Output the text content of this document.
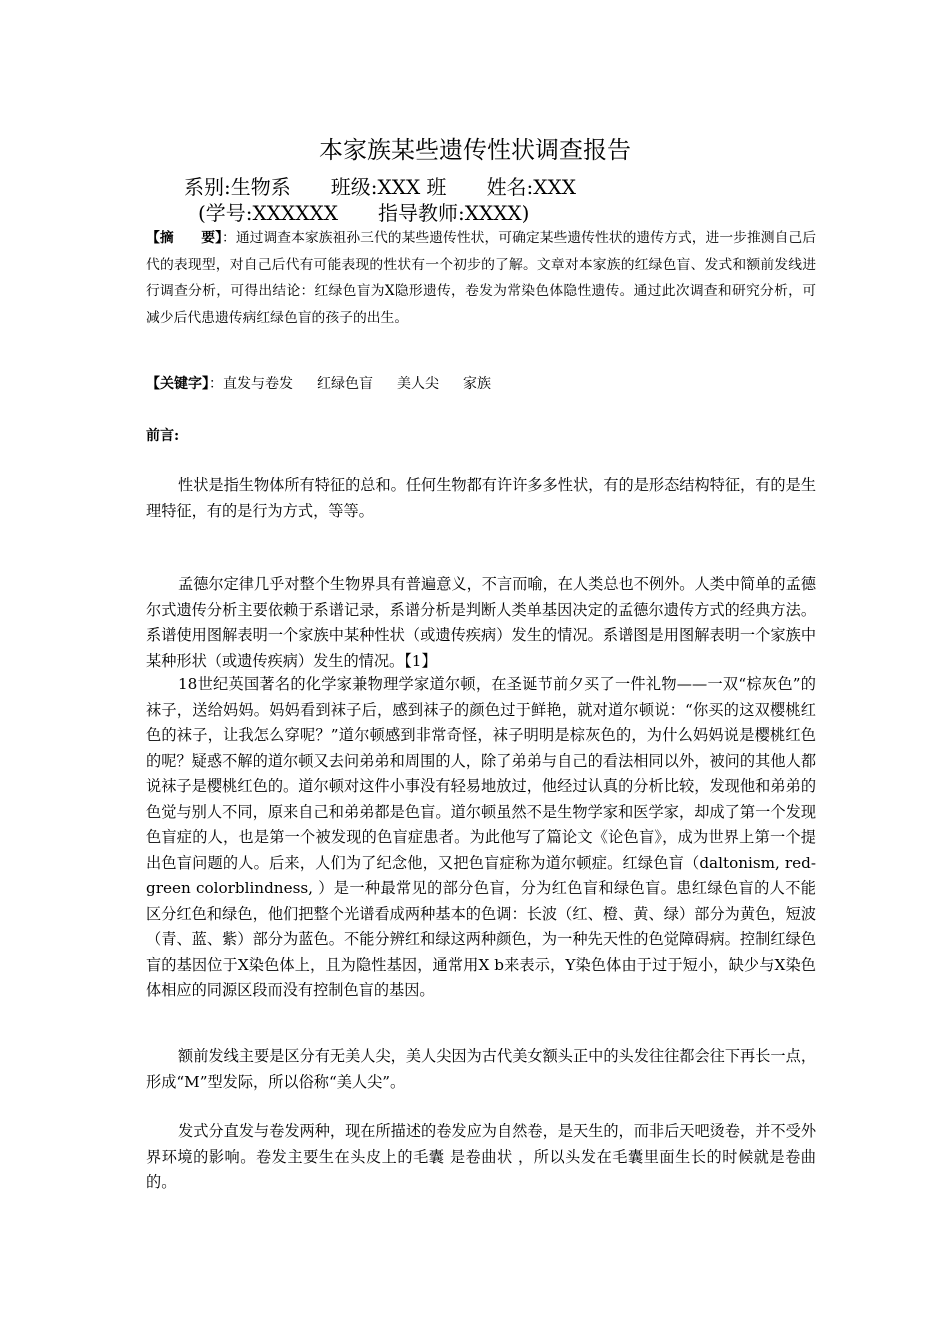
本家族某些遗传性状调查报告
系别:生物系 班级:XXX 班 姓名:XXX
(学号:XXXXXX 指导教师:XXXX)

【摘　　要】：通过调查本家族祖孙三代的某些遗传性状，可确定某些遗传性状的遗传方式，进一步推测自己后代的表现型，对自己后代有可能表现的性状有一个初步的了解。文章对本家族的红绿色盲、发式和额前发线进行调查分析，可得出结论：红绿色盲为X隐形遗传，卷发为常染色体隐性遗传。通过此次调查和研究分析，可减少后代患遗传病红绿色盲的孩子的出生。

【关键字】：直发与卷发 红绿色盲 美人尖 家族

前言:

性状是指生物体所有特征的总和。任何生物都有许许多多性状，有的是形态结构特征，有的是生理特征，有的是行为方式，等等。

孟德尔定律几乎对整个生物界具有普遍意义，不言而喻，在人类总也不例外。人类中简单的孟德尔式遗传分析主要依赖于系谱记录，系谱分析是判断人类单基因决定的孟德尔遗传方式的经典方法。系谱使用图解表明一个家族中某种性状（或遗传疾病）发生的情况。系谱图是用图解表明一个家族中某种形状（或遗传疾病）发生的情况。【1】

18世纪英国著名的化学家兼物理学家道尔顿，在圣诞节前夕买了一件礼物——一双“棕灰色”的袜子，送给妈妈。妈妈看到袜子后，感到袜子的颜色过于鲜艳，就对道尔顿说：“你买的这双樱桃红色的袜子，让我怎么穿呢？”道尔顿感到非常奇怪，袜子明明是棕灰色的，为什么妈妈说是樱桃红色的呢？疑惑不解的道尔顿又去问弟弟和周围的人，除了弟弟与自己的看法相同以外，被问的其他人都说袜子是樱桃红色的。道尔顿对这件小事没有轻易地放过，他经过认真的分析比较，发现他和弟弟的色觉与别人不同，原来自己和弟弟都是色盲。道尔顿虽然不是生物学家和医学家，却成了第一个发现色盲症的人，也是第一个被发现的色盲症患者。为此他写了篇论文《论色盲》，成为世界上第一个提出色盲问题的人。后来，人们为了纪念他，又把色盲症称为道尔顿症。红绿色盲（daltonism, red-green colorblindness, ）是一种最常见的部分色盲，分为红色盲和绿色盲。患红绿色盲的人不能区分红色和绿色，他们把整个光谱看成两种基本的色调：长波（红、橙、黄、绿）部分为黄色，短波（青、蓝、紫）部分为蓝色。不能分辨红和绿这两种颜色，为一种先天性的色觉障碍病。控制红绿色盲的基因位于X染色体上，且为隐性基因，通常用X b来表示，Y染色体由于过于短小，缺少与X染色体相应的同源区段而没有控制色盲的基因。

额前发线主要是区分有无美人尖，美人尖因为古代美女额头正中的头发往往都会往下再长一点，形成“M”型发际，所以俗称“美人尖”。

发式分直发与卷发两种，现在所描述的卷发应为自然卷，是天生的，而非后天吧烫卷，并不受外界环境的影响。卷发主要生在头皮上的毛囊 是卷曲状 ，所以头发在毛囊里面生长的时候就是卷曲的。
